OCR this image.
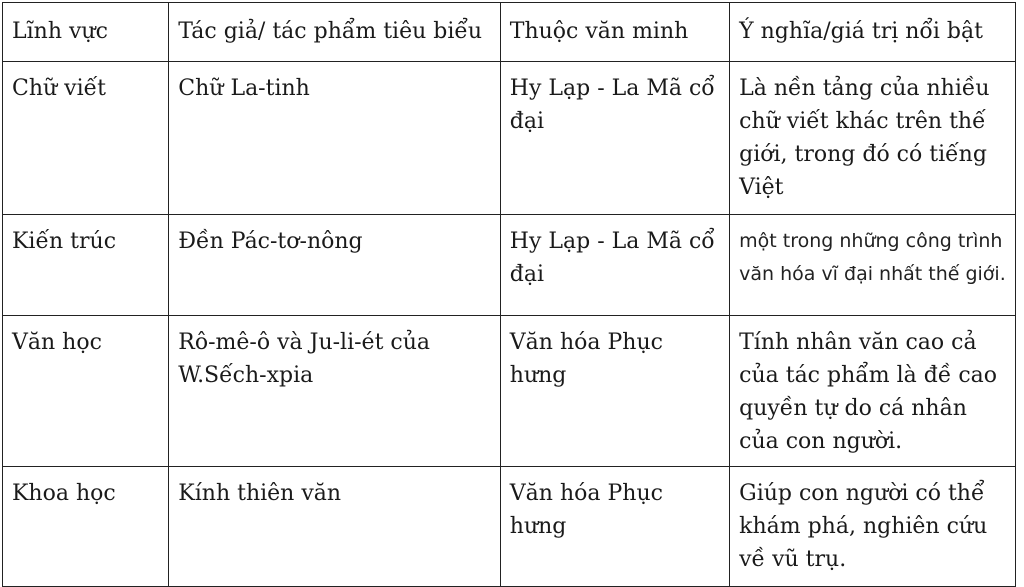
Lĩnh vực	Tác giả/ tác phẩm tiêu biểu	Thuộc văn minh	Ý nghĩa/giá trị nổi bật
Chữ viết	Chữ La-tinh	Hy Lạp - La Mã cổ đại	Là nền tảng của nhiều chữ viết khác trên thế giới, trong đó có tiếng Việt
Kiến trúc	Đền Pác-tơ-nông	Hy Lạp - La Mã cổ đại	một trong những công trình văn hóa vĩ đại nhất thế giới.
Văn học	Rô-mê-ô và Ju-li-ét của W.Sếch-xpia	Văn hóa Phục hưng	Tính nhân văn cao cả của tác phẩm là đề cao quyền tự do cá nhân của con người.
Khoa học	Kính thiên văn	Văn hóa Phục hưng	Giúp con người có thể khám phá, nghiên cứu về vũ trụ.
